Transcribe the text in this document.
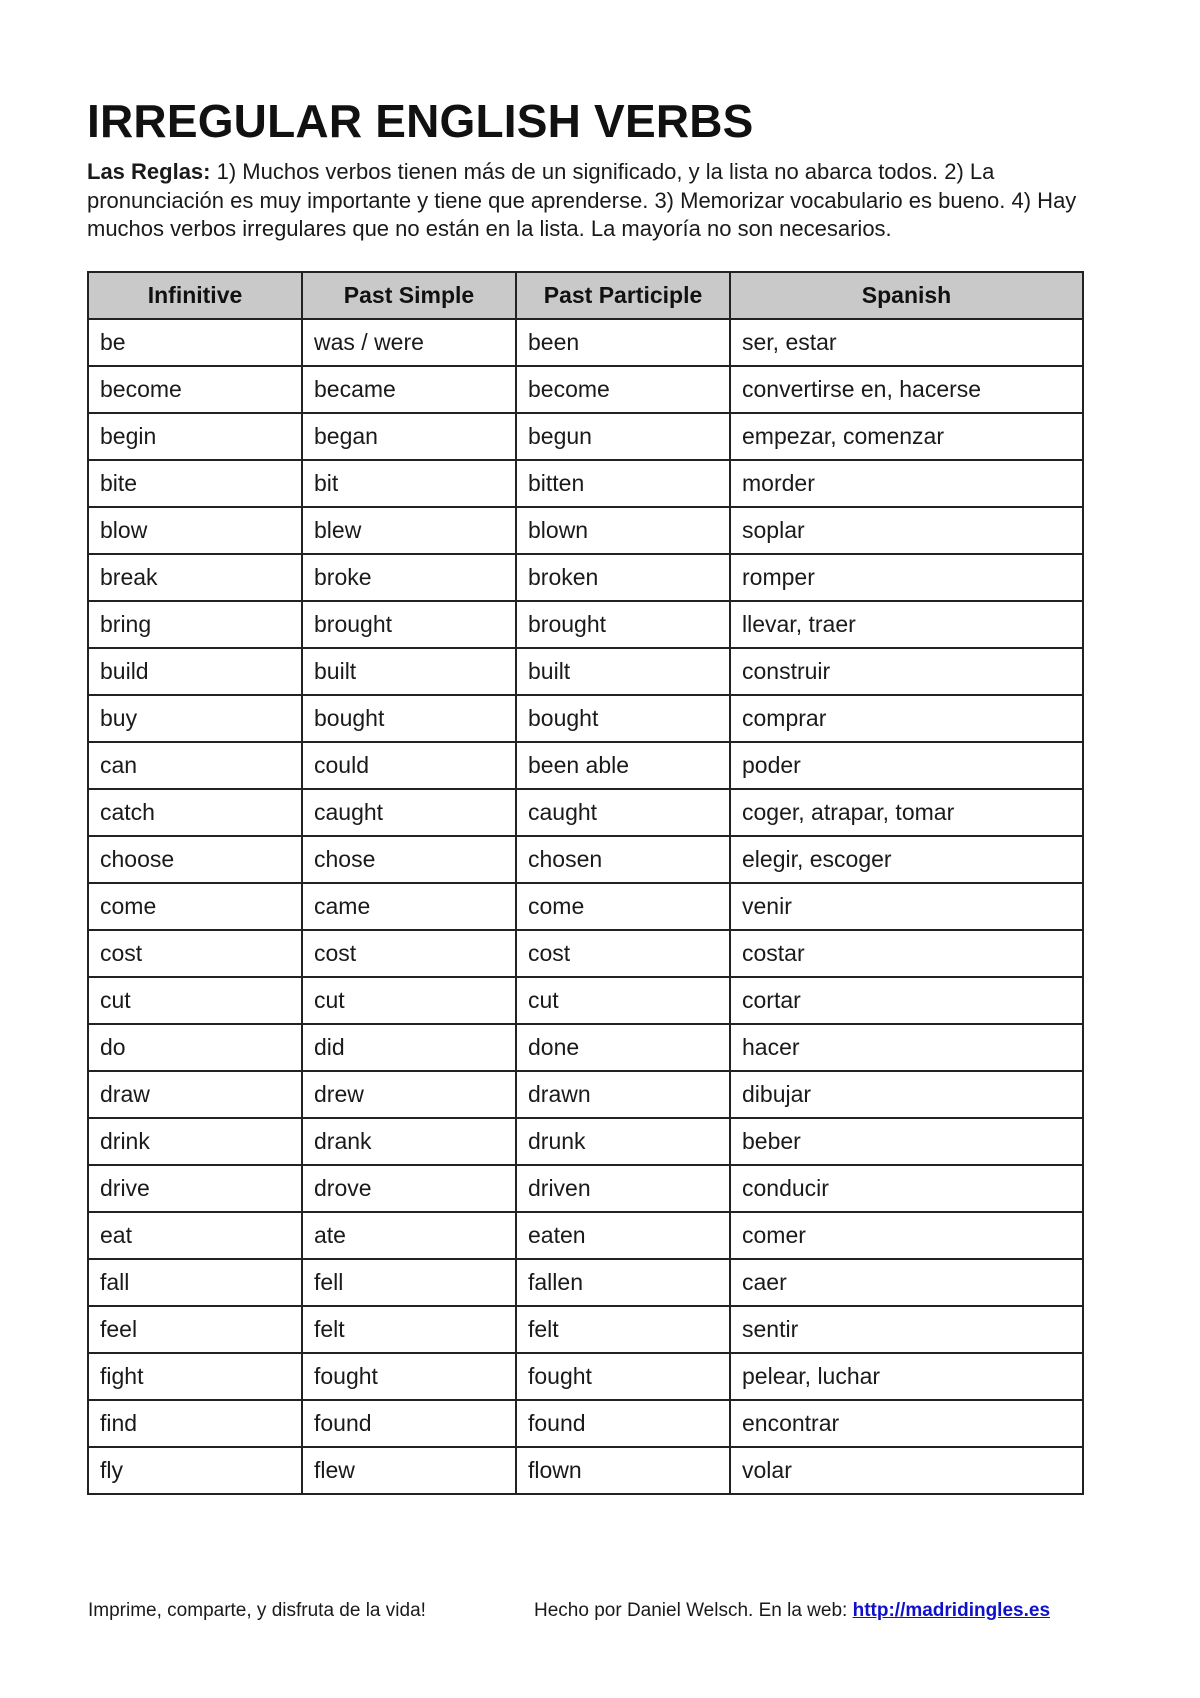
IRREGULAR ENGLISH VERBS
Las Reglas: 1) Muchos verbos tienen más de un significado, y la lista no abarca todos. 2) La pronunciación es muy importante y tiene que aprenderse. 3) Memorizar vocabulario es bueno. 4) Hay muchos verbos irregulares que no están en la lista. La mayoría no son necesarios.
Infinitive	Past Simple	Past Participle	Spanish
be	was / were	been	ser, estar
become	became	become	convertirse en, hacerse
begin	began	begun	empezar, comenzar
bite	bit	bitten	morder
blow	blew	blown	soplar
break	broke	broken	romper
bring	brought	brought	llevar, traer
build	built	built	construir
buy	bought	bought	comprar
can	could	been able	poder
catch	caught	caught	coger, atrapar, tomar
choose	chose	chosen	elegir, escoger
come	came	come	venir
cost	cost	cost	costar
cut	cut	cut	cortar
do	did	done	hacer
draw	drew	drawn	dibujar
drink	drank	drunk	beber
drive	drove	driven	conducir
eat	ate	eaten	comer
fall	fell	fallen	caer
feel	felt	felt	sentir
fight	fought	fought	pelear, luchar
find	found	found	encontrar
fly	flew	flown	volar
Imprime, comparte, y disfruta de la vida!	Hecho por Daniel Welsch. En la web: http://madridingles.es
